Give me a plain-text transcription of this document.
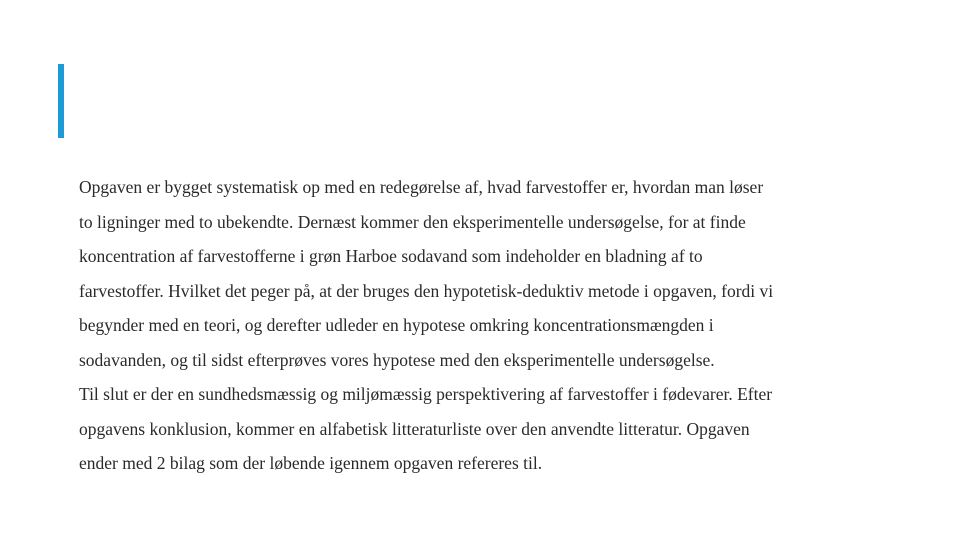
Opgaven er bygget systematisk op med en redegørelse af, hvad farvestoffer er, hvordan man løser
to ligninger med to ubekendte. Dernæst kommer den eksperimentelle undersøgelse, for at finde
koncentration af farvestofferne i grøn Harboe sodavand som indeholder en bladning af to
farvestoffer. Hvilket det peger på, at der bruges den hypotetisk-deduktiv metode i opgaven, fordi vi
begynder med en teori, og derefter udleder en hypotese omkring koncentrationsmængden i
sodavanden, og til sidst efterprøves vores hypotese med den eksperimentelle undersøgelse.
Til slut er der en sundhedsmæssig og miljømæssig perspektivering af farvestoffer i fødevarer. Efter
opgavens konklusion, kommer en alfabetisk litteraturliste over den anvendte litteratur. Opgaven
ender med 2 bilag som der løbende igennem opgaven refereres til.
